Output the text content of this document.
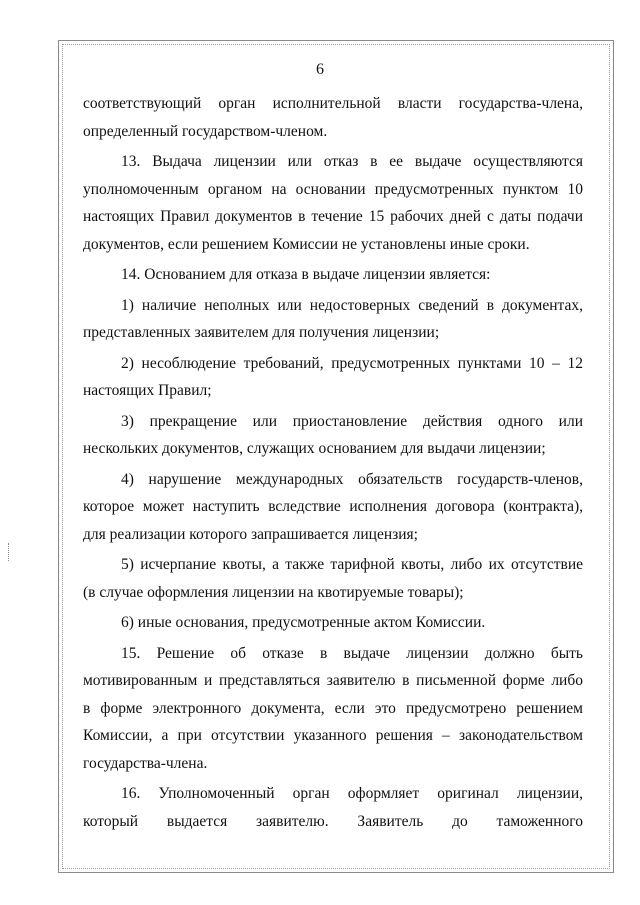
6
соответствующий орган исполнительной власти государства-члена,
определенный государством-членом.
13. Выдача лицензии или отказ в ее выдаче осуществляются
уполномоченным органом на основании предусмотренных пунктом 10
настоящих Правил документов в течение 15 рабочих дней с даты подачи
документов, если решением Комиссии не установлены иные сроки.
14. Основанием для отказа в выдаче лицензии является:
1) наличие неполных или недостоверных сведений в документах,
представленных заявителем для получения лицензии;
2) несоблюдение требований, предусмотренных пунктами 10 – 12
настоящих Правил;
3) прекращение или приостановление действия одного или
нескольких документов, служащих основанием для выдачи лицензии;
4) нарушение международных обязательств государств-членов,
которое может наступить вследствие исполнения договора (контракта),
для реализации которого запрашивается лицензия;
5) исчерпание квоты, а также тарифной квоты, либо их отсутствие
(в случае оформления лицензии на квотируемые товары);
6) иные основания, предусмотренные актом Комиссии.
15. Решение об отказе в выдаче лицензии должно быть
мотивированным и представляться заявителю в письменной форме либо
в форме электронного документа, если это предусмотрено решением
Комиссии, а при отсутствии указанного решения – законодательством
государства-члена.
16. Уполномоченный орган оформляет оригинал лицензии,
который выдается заявителю. Заявитель до таможенного
